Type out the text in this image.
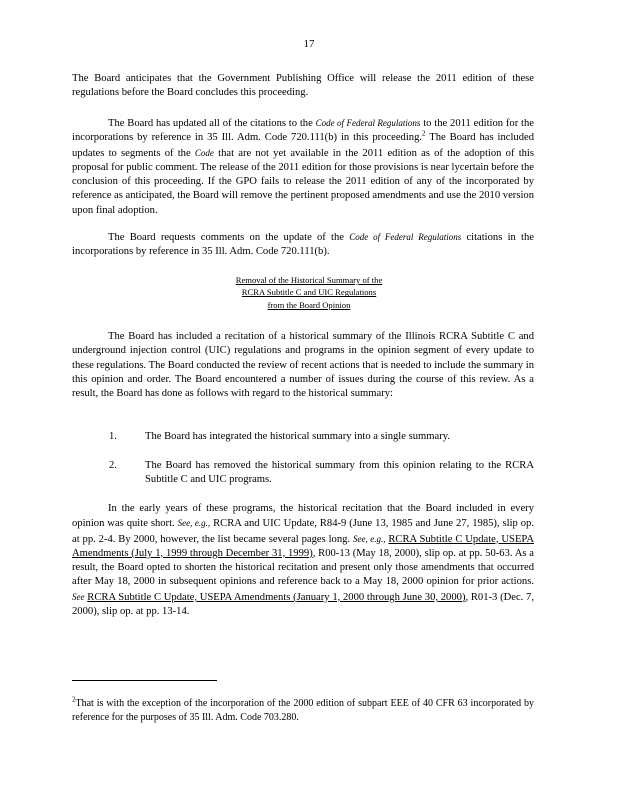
17

The Board anticipates that the Government Publishing Office will release the 2011 edition of these regulations before the Board concludes this proceeding.

The Board has updated all of the citations to the Code of Federal Regulations to the 2011 edition for the incorporations by reference in 35 Ill. Adm. Code 720.111(b) in this proceeding.$^2$ The Board has included updates to segments of the Code that are not yet available in the 2011 edition as of the adoption of this proposal for public comment. The release of the 2011 edition for those provisions is near lycertain before the conclusion of this proceeding. If the GPO fails to release the 2011 edition of any of the incorporated by reference as anticipated, the Board will remove the pertinent proposed amendments and use the 2010 version upon final adoption.

The Board requests comments on the update of the Code of Federal Regulations citations in the incorporations by reference in 35 Ill. Adm. Code 720.111(b).

Removal of the Historical Summary of the
RCRA Subtitle C and UIC Regulations
from the Board Opinion

The Board has included a recitation of a historical summary of the Illinois RCRA Subtitle C and underground injection control (UIC) regulations and programs in the opinion segment of every update to these regulations. The Board conducted the review of recent actions that is needed to include the summary in this opinion and order. The Board encountered a number of issues during the course of this review. As a result, the Board has done as follows with regard to the historical summary:

1.	The Board has integrated the historical summary into a single summary.

2.	The Board has removed the historical summary from this opinion relating to the RCRA Subtitle C and UIC programs.

In the early years of these programs, the historical recitation that the Board included in every opinion was quite short. See, e.g., RCRA and UIC Update, R84-9 (June 13, 1985 and June 27, 1985), slip op. at pp. 2-4. By 2000, however, the list became several pages long. See, e.g., RCRA Subtitle C Update, USEPA Amendments (July 1, 1999 through December 31, 1999), R00-13 (May 18, 2000), slip op. at pp. 50-63. As a result, the Board opted to shorten the historical recitation and present only those amendments that occurred after May 18, 2000 in subsequent opinions and reference back to a May 18, 2000 opinion for prior actions. See RCRA Subtitle C Update, USEPA Amendments (January 1, 2000 through June 30, 2000), R01-3 (Dec. 7, 2000), slip op. at pp. 13-14.

$^2$That is with the exception of the incorporation of the 2000 edition of subpart EEE of 40 CFR 63 incorporated by reference for the purposes of 35 Ill. Adm. Code 703.280.
